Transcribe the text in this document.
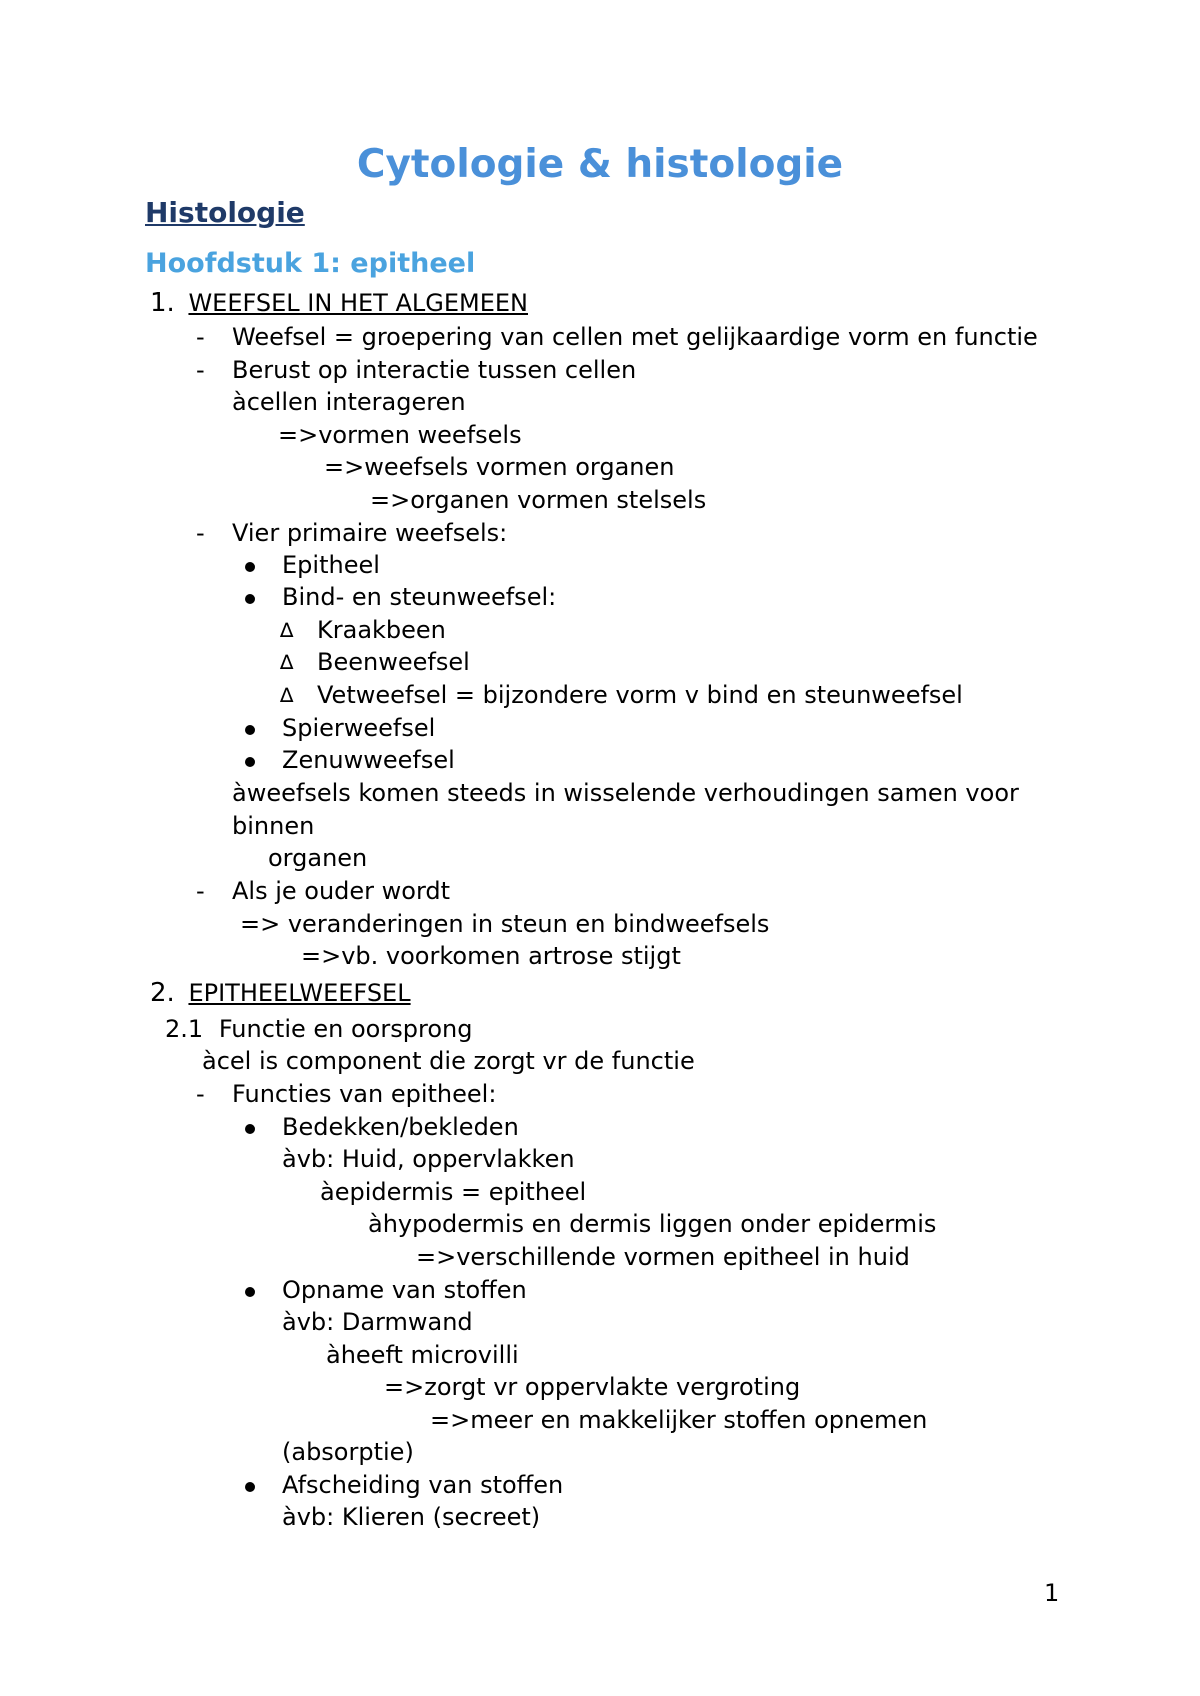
Cytologie & histologie
Histologie
Hoofdstuk 1: epitheel
1. WEEFSEL IN HET ALGEMEEN
- Weefsel = groepering van cellen met gelijkaardige vorm en functie

- Berust op interactie tussen cellen

àcellen interageren

=>vormen weefsels

=>weefsels vormen organen

=>organen vormen stelsels

- Vier primaire weefsels:

Epitheel

Bind- en steunweefsel:

∆ Kraakbeen

∆ Beenweefsel

∆ Vetweefsel = bijzondere vorm v bind en steunweefsel

Spierweefsel

Zenuwweefsel

àweefsels komen steeds in wisselende verhoudingen samen voor

binnen

organen

- Als je ouder wordt

=> veranderingen in steun en bindweefsels

=>vb. voorkomen artrose stijgt

2. EPITHEELWEEFSEL
2.1 Functie en oorsprong

àcel is component die zorgt vr de functie

- Functies van epitheel:

Bedekken/bekleden

àvb: Huid, oppervlakken

àepidermis = epitheel

àhypodermis en dermis liggen onder epidermis

=>verschillende vormen epitheel in huid

Opname van stoffen

àvb: Darmwand

àheeft microvilli

=>zorgt vr oppervlakte vergroting

=>meer en makkelijker stoffen opnemen

(absorptie)

Afscheiding van stoffen

àvb: Klieren (secreet)

1
